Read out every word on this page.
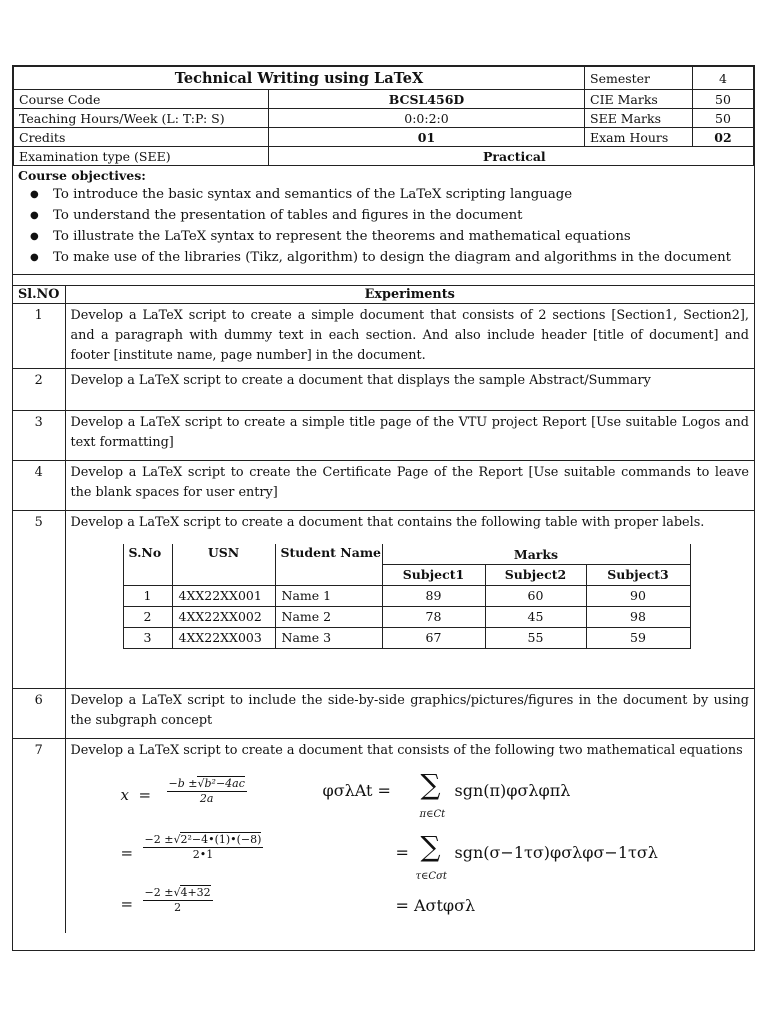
Technical Writing using LaTeX		Semester	4
Course Code	BCSL456D	CIE Marks	50
Teaching Hours/Week (L: T:P: S)	0:0:2:0	SEE Marks	50
Credits	01	Exam Hours	02
Examination type (SEE)	Practical		
Course objectives:
● To introduce the basic syntax and semantics of the LaTeX scripting language
● To understand the presentation of tables and figures in the document
● To illustrate the LaTeX syntax to represent the theorems and mathematical equations
● To make use of the libraries (Tikz, algorithm) to design the diagram and algorithms in the document
Sl.NO	Experiments
1	Develop a LaTeX script to create a simple document that consists of 2 sections [Section1, Section2], and a paragraph with dummy text in each section. And also include header [title of document] and footer [institute name, page number] in the document.
2	Develop a LaTeX script to create a document that displays the sample Abstract/Summary
3	Develop a LaTeX script to create a simple title page of the VTU project Report [Use suitable Logos and text formatting]
4	Develop a LaTeX script to create the Certificate Page of the Report [Use suitable commands to leave the blank spaces for user entry]
5	Develop a LaTeX script to create a document that contains the following table with proper labels.
S.No	USN	Student Name	Marks
Subject1	Subject2	Subject3
1	4XX22XX001	Name 1	89	60	90
2	4XX22XX002	Name 2	78	45	98
3	4XX22XX003	Name 3	67	55	59

6	Develop a LaTeX script to include the side-by-side graphics/pictures/figures in the document by using the subgraph concept
7	Develop a LaTeX script to create a document that consists of the following two mathematical equations
$x = \frac{\text{−b ±√b²−4ac}}{2a}$
= $\frac{\text{−2 ±√2²−4•(1)•(−8)}}{2•1}$
= $\frac{-2 \pm√4+32}{2}$
φσλAt = ∑
π∈Ct
sgn(π)φσλφπλ
= ∑
τ∈Cσt
sgn(σ−1τσ)φσλφσ−1τσλ
= Aσtφσλ
